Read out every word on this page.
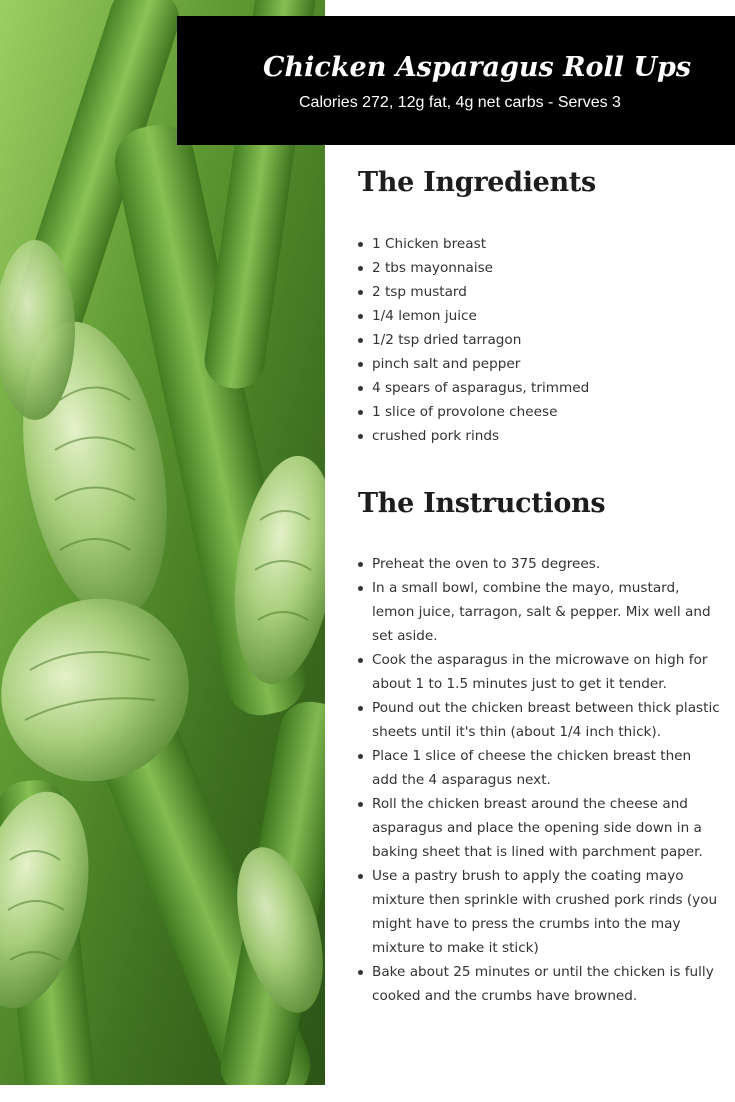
Chicken Asparagus Roll Ups
Calories 272, 12g fat, 4g net carbs - Serves 3
The Ingredients
1 Chicken breast
2 tbs mayonnaise
2 tsp mustard
1/4 lemon juice
1/2 tsp dried tarragon
pinch salt and pepper
4 spears of asparagus, trimmed
1 slice of provolone cheese
crushed pork rinds
The Instructions
Preheat the oven to 375 degrees.
In a small bowl, combine the mayo, mustard, lemon juice, tarragon, salt & pepper. Mix well and set aside.
Cook the asparagus in the microwave on high for about 1 to 1.5 minutes just to get it tender.
Pound out the chicken breast between thick plastic sheets until it's thin (about 1/4 inch thick).
Place 1 slice of cheese the chicken breast then add the 4 asparagus next.
Roll the chicken breast around the cheese and asparagus and place the opening side down in a baking sheet that is lined with parchment paper.
Use a pastry brush to apply the coating mayo mixture then sprinkle with crushed pork rinds (you might have to press the crumbs into the may mixture to make it stick)
Bake about 25 minutes or until the chicken is fully cooked and the crumbs have browned.
